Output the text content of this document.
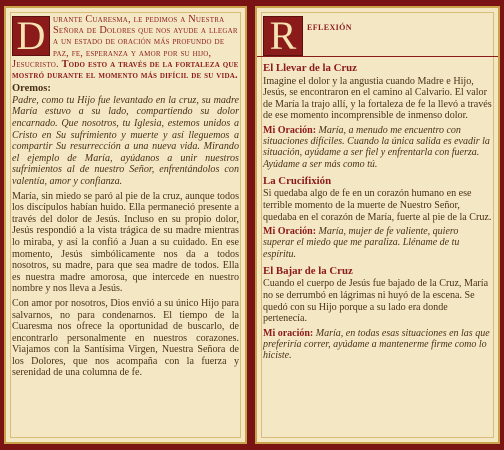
D urante Cuaresma, le pedimos a Nuestra Señora de Dolores que nos ayude a llegar a un estado de oración más profundo de paz, fe, esperanza y amor por su hijo, Jesucristo. Todo esto a través de la fortaleza que mostró durante el momento más difícil de su vida.
Oremos:

Padre, como tu Hijo fue levantado en la cruz, su madre María estuvo a su lado, compartiendo su dolor encarnado. Que nosotros, tu Iglesia, estemos unidos a Cristo en Su sufrimiento y muerte y así lleguemos a compartir Su resurrección a una nueva vida. Mirando el ejemplo de María, ayúdanos a unir nuestros sufrimientos al de nuestro Señor, enfrentándolos con valentía, amor y confianza.

María, sin miedo se paró al pie de la cruz, aunque todos los discípulos habían huido. Ella permaneció presente a través del dolor de Jesús. Incluso en su propio dolor, Jesús respondió a la vista trágica de su madre mientras lo miraba, y así la confió a Juan a su cuidado. En ese momento, Jesús simbólicamente nos da a todos nosotros, su madre, para que sea madre de todos. Ella es nuestra madre amorosa, que intercede en nuestro nombre y nos lleva a Jesús.

Con amor por nosotros, Dios envió a su único Hijo para salvarnos, no para condenarnos. El tiempo de la Cuaresma nos ofrece la oportunidad de buscarlo, de encontrarlo personalmente en nuestros corazones. Viajamos con la Santísima Virgen, Nuestra Señora de los Dolores, que nos acompaña con la fuerza y serenidad de una columna de fe.

R eflexión
El Llevar de la Cruz
Imagine el dolor y la angustia cuando Madre e Hijo, Jesús, se encontraron en el camino al Calvario. El valor de María la trajo allí, y la fortaleza de fe la llevó a través de ese momento incomprensible de inmenso dolor.
Mi Oración: María, a menudo me encuentro con situaciones difíciles. Cuando la única salida es evadir la situación, ayúdame a ser fiel y enfrentarla con fuerza. Ayúdame a ser más como tú.
La Crucifixión
Si quedaba algo de fe en un corazón humano en ese terrible momento de la muerte de Nuestro Señor, quedaba en el corazón de María, fuerte al pie de la Cruz.
Mi Oración: María, mujer de fe valiente, quiero superar el miedo que me paraliza. Lléname de tu espíritu.
El Bajar de la Cruz
Cuando el cuerpo de Jesús fue bajado de la Cruz, María no se derrumbó en lágrimas ni huyó de la escena. Se quedó con su Hijo porque a su lado era donde pertenecía.
Mi oración: María, en todas esas situaciones en las que preferiría correr, ayúdame a mantenerme firme como lo hiciste.
